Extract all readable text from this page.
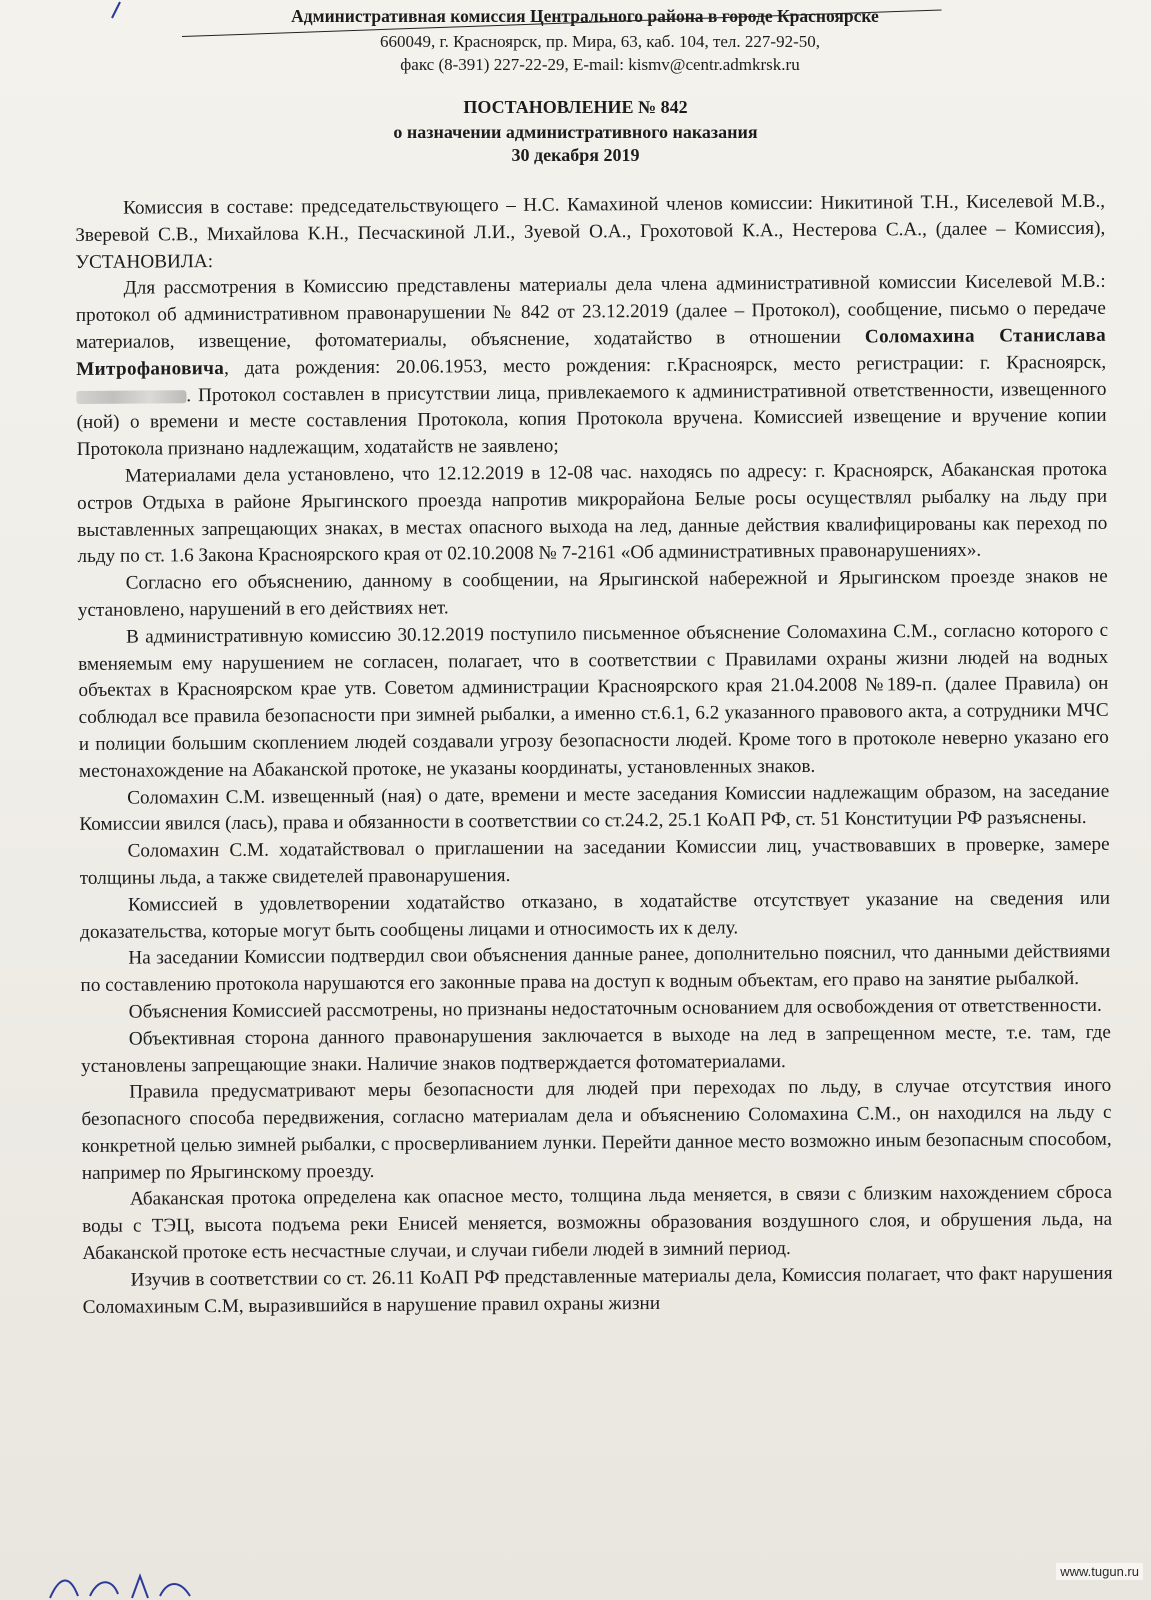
Административная комиссия Центрального района в городе Красноярске
660049, г. Красноярск, пр. Мира, 63, каб. 104, тел. 227-92-50,
факс (8-391) 227-22-29, E-mail: kismv@centr.admkrsk.ru
ПОСТАНОВЛЕНИЕ № 842
о назначении административного наказания
30 декабря 2019

Комиссия в составе: председательствующего – Н.С. Камахиной членов комиссии: Никитиной Т.Н., Киселевой М.В., Зверевой С.В., Михайлова К.Н., Песчаскиной Л.И., Зуевой О.А., Грохотовой К.А., Нестерова С.А., (далее – Комиссия), УСТАНОВИЛА:

Для рассмотрения в Комиссию представлены материалы дела члена административной комиссии Киселевой М.В.: протокол об административном правонарушении № 842 от 23.12.2019 (далее – Протокол), сообщение, письмо о передаче материалов, извещение, фотоматериалы, объяснение, ходатайство в отношении Соломахина Станислава Митрофановича, дата рождения: 20.06.1953, место рождения: г.Красноярск, место регистрации: г. Красноярск, . Протокол составлен в присутствии лица, привлекаемого к административной ответственности, извещенного (ной) о времени и месте составления Протокола, копия Протокола вручена. Комиссией извещение и вручение копии Протокола признано надлежащим, ходатайств не заявлено;

Материалами дела установлено, что 12.12.2019 в 12-08 час. находясь по адресу: г. Красноярск, Абаканская протока остров Отдыха в районе Ярыгинского проезда напротив микрорайона Белые росы осуществлял рыбалку на льду при выставленных запрещающих знаках, в местах опасного выхода на лед, данные действия квалифицированы как переход по льду по ст. 1.6 Закона Красноярского края от 02.10.2008 № 7-2161 «Об административных правонарушениях».

Согласно его объяснению, данному в сообщении, на Ярыгинской набережной и Ярыгинском проезде знаков не установлено, нарушений в его действиях нет.

В административную комиссию 30.12.2019 поступило письменное объяснение Соломахина С.М., согласно которого с вменяемым ему нарушением не согласен, полагает, что в соответствии с Правилами охраны жизни людей на водных объектах в Красноярском крае утв. Советом администрации Красноярского края 21.04.2008 №189-п. (далее Правила) он соблюдал все правила безопасности при зимней рыбалки, а именно ст.6.1, 6.2 указанного правового акта, а сотрудники МЧС и полиции большим скоплением людей создавали угрозу безопасности людей. Кроме того в протоколе неверно указано его местонахождение на Абаканской протоке, не указаны координаты, установленных знаков.

Соломахин С.М. извещенный (ная) о дате, времени и месте заседания Комиссии надлежащим образом, на заседание Комиссии явился (лась), права и обязанности в соответствии со ст.24.2, 25.1 КоАП РФ, ст. 51 Конституции РФ разъяснены.

Соломахин С.М. ходатайствовал о приглашении на заседании Комиссии лиц, участвовавших в проверке, замере толщины льда, а также свидетелей правонарушения.

Комиссией в удовлетворении ходатайство отказано, в ходатайстве отсутствует указание на сведения или доказательства, которые могут быть сообщены лицами и относимость их к делу.

На заседании Комиссии подтвердил свои объяснения данные ранее, дополнительно пояснил, что данными действиями по составлению протокола нарушаются его законные права на доступ к водным объектам, его право на занятие рыбалкой.

Объяснения Комиссией рассмотрены, но признаны недостаточным основанием для освобождения от ответственности.

Объективная сторона данного правонарушения заключается в выходе на лед в запрещенном месте, т.е. там, где установлены запрещающие знаки. Наличие знаков подтверждается фотоматериалами.

Правила предусматривают меры безопасности для людей при переходах по льду, в случае отсутствия иного безопасного способа передвижения, согласно материалам дела и объяснению Соломахина С.М., он находился на льду с конкретной целью зимней рыбалки, с просверливанием лунки. Перейти данное место возможно иным безопасным способом, например по Ярыгинскому проезду.

Абаканская протока определена как опасное место, толщина льда меняется, в связи с близким нахождением сброса воды с ТЭЦ, высота подъема реки Енисей меняется, возможны образования воздушного слоя, и обрушения льда, на Абаканской протоке есть несчастные случаи, и случаи гибели людей в зимний период.

Изучив в соответствии со ст. 26.11 КоАП РФ представленные материалы дела, Комиссия полагает, что факт нарушения Соломахиным С.М, выразившийся в нарушение правил охраны жизни

www.tugun.ru
